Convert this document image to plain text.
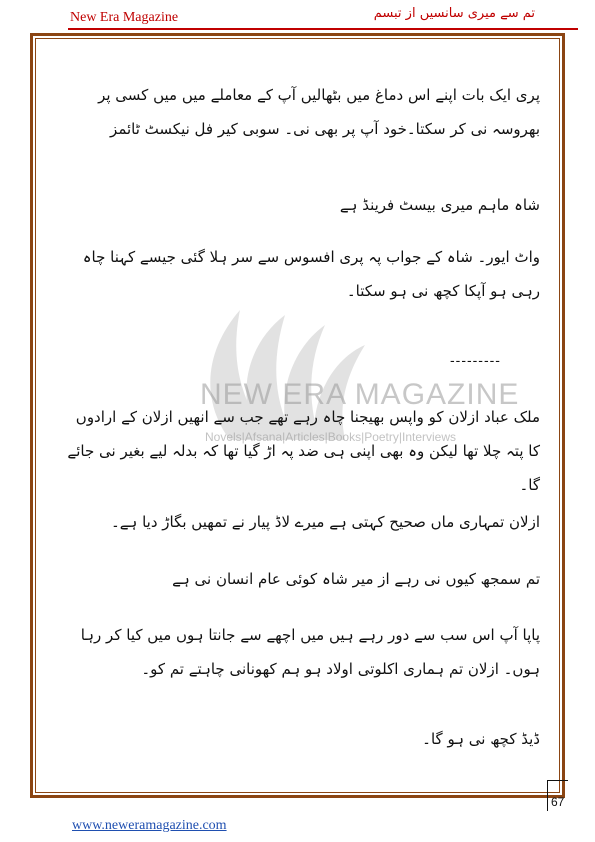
New Era Magazine	تم سے میری سانسیں از تبسم
NEW ERA MAGAZINE
Novels|Afsana|Articles|Books|Poetry|Interviews
پری ایک بات اپنے اس دماغ میں بٹھالیں آپ کے معاملے میں میں کسی پر بھروسہ نی کر سکتا۔خود آپ پر بھی نی۔ سوبی کیر فل نیکسٹ ٹائمز
شاہ ماہم میری بیسٹ فرینڈ ہے
واٹ ایور۔ شاہ کے جواب پہ پری افسوس سے سر ہلا گئی جیسے کہنا چاہ رہی ہو آپکا کچھ نی ہو سکتا۔
ملک عباد ازلان کو واپس بھیجنا چاہ رہے تھے جب سے انھیں ازلان کے ارادوں کا پتہ چلا تھا لیکن وہ بھی اپنی ہی ضد پہ اڑ گیا تھا کہ بدلہ لیے بغیر نی جائے گا۔
ازلان تمہاری ماں صحیح کہتی ہے میرے لاڈ پیار نے تمھیں بگاڑ دیا ہے۔
تم سمجھ کیوں نی رہے از میر شاہ کوئی عام انسان نی ہے
پاپا آپ اس سب سے دور رہے ہیں میں اچھے سے جانتا ہوں میں کیا کر رہا ہوں۔ ازلان تم ہماری اکلوتی اولاد ہو ہم کھونانی چاہتے تم کو۔
ڈیڈ کچھ نی ہو گا۔
---------
67
www.neweramagazine.com
